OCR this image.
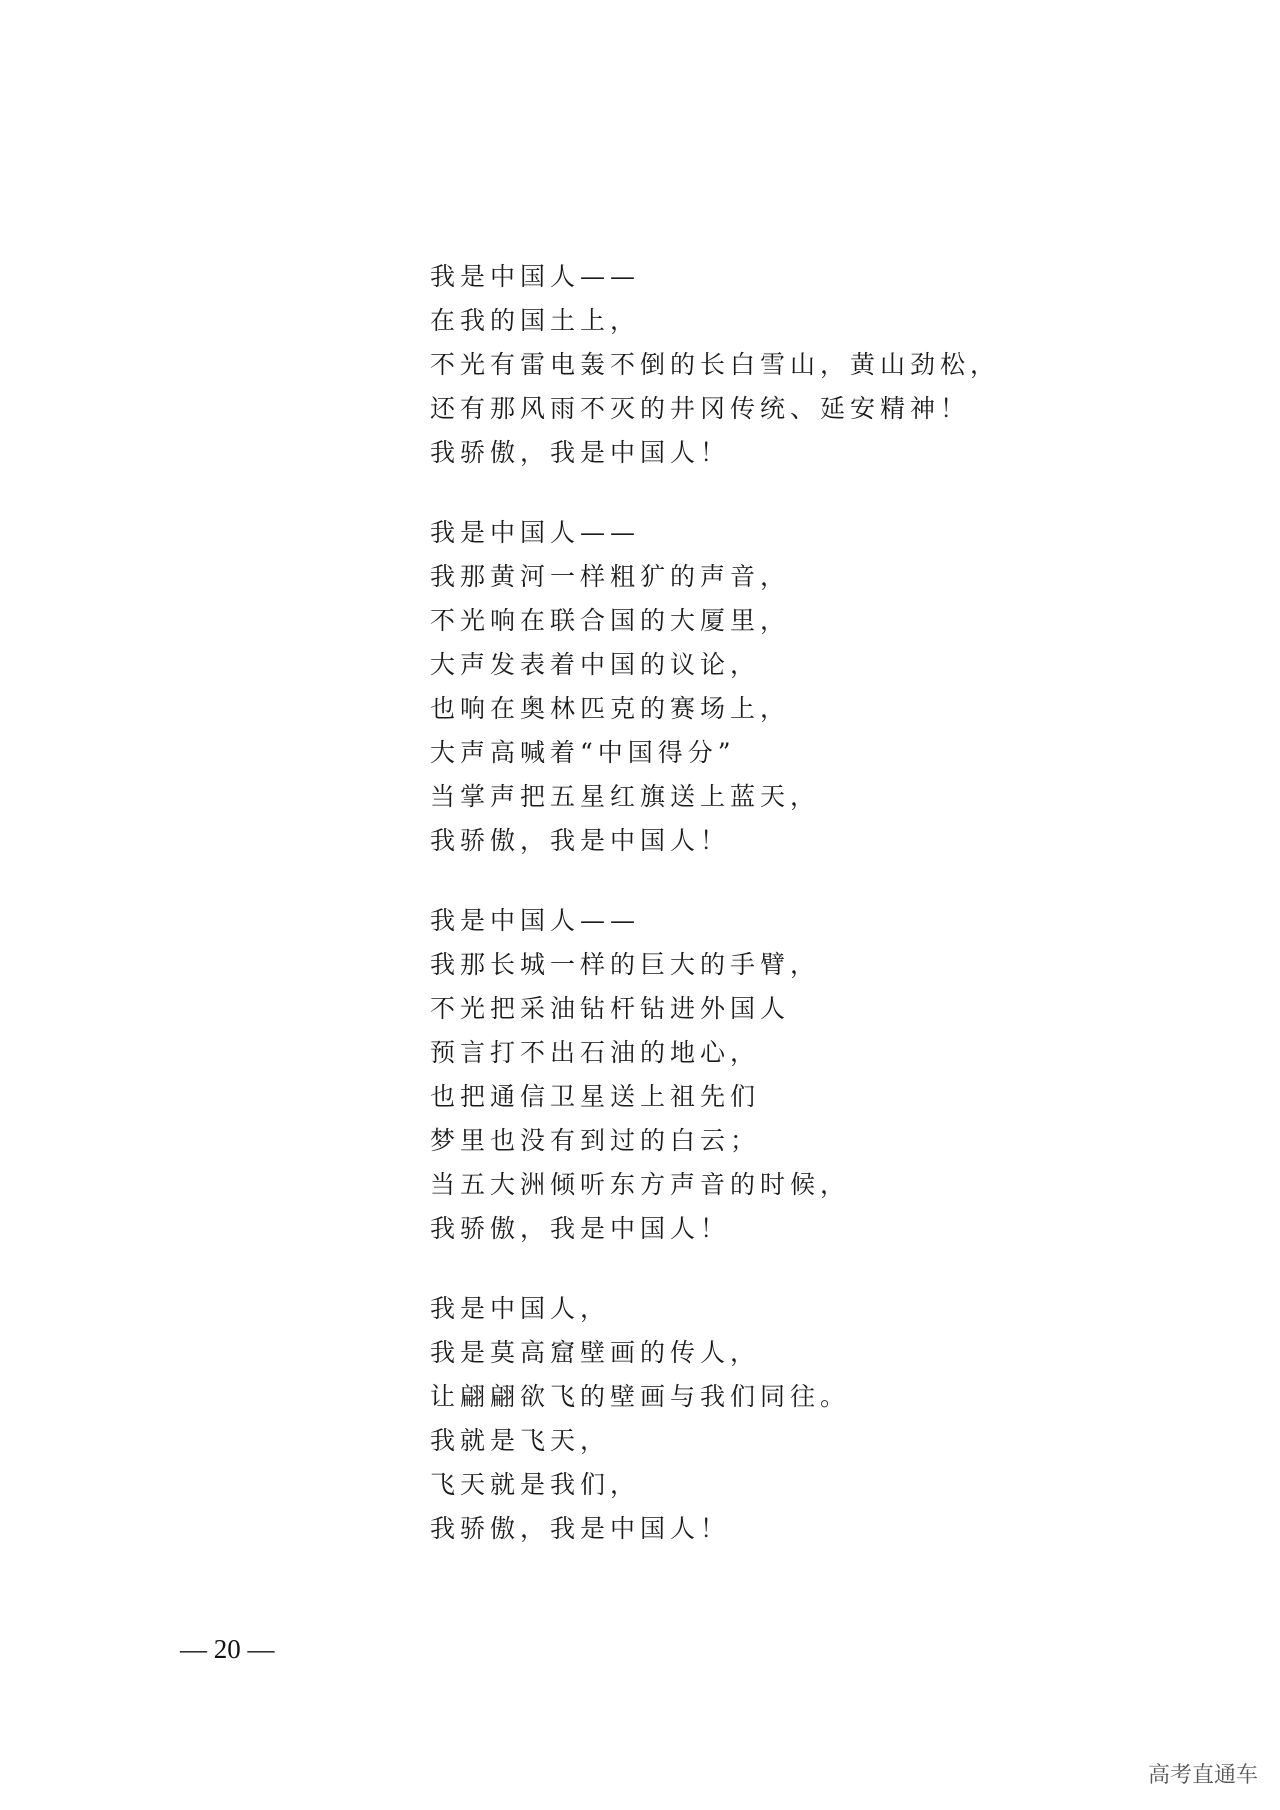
我是中国人——
在我的国土上，
不光有雷电轰不倒的长白雪山，黄山劲松，
还有那风雨不灭的井冈传统、延安精神！
我骄傲，我是中国人！
我是中国人——
我那黄河一样粗犷的声音，
不光响在联合国的大厦里，
大声发表着中国的议论，
也响在奥林匹克的赛场上，
大声高喊着“中国得分”
当掌声把五星红旗送上蓝天，
我骄傲，我是中国人！
我是中国人——
我那长城一样的巨大的手臂，
不光把采油钻杆钻进外国人
预言打不出石油的地心，
也把通信卫星送上祖先们
梦里也没有到过的白云；
当五大洲倾听东方声音的时候，
我骄傲，我是中国人！
我是中国人，
我是莫高窟壁画的传人，
让翩翩欲飞的壁画与我们同往。
我就是飞天，
飞天就是我们，
我骄傲，我是中国人！
— 20 —
高考直通车
